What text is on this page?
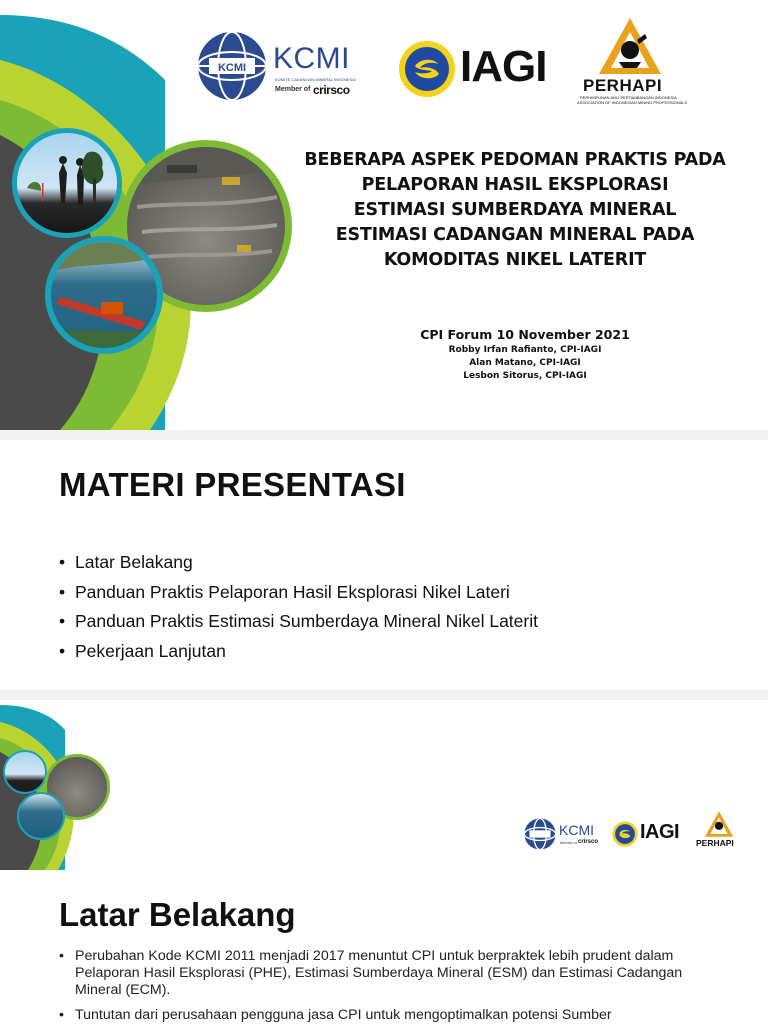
KCMI KCMI
KOMITE CADANGAN MINERAL INDONESIA
Member of crirsco	IAGI PERHAPI
PERHIMPUNAN AHLI PERTAMBANGAN INDONESIA
ASSOCIATION OF INDONESIAN MINING PROFESSIONALS
BEBERAPA ASPEK PEDOMAN PRAKTIS PADA
PELAPORAN HASIL EKSPLORASI
ESTIMASI SUMBERDAYA MINERAL
ESTIMASI CADANGAN MINERAL PADA
KOMODITAS NIKEL LATERIT
CPI Forum 10 November 2021
Robby Irfan Rafianto, CPI-IAGI
Alan Matano, CPI-IAGI
Lesbon Sitorus, CPI-IAGI
MATERI PRESENTASI
• Latar Belakang
• Panduan Praktis Pelaporan Hasil Eksplorasi Nikel Lateri
• Panduan Praktis Estimasi Sumberdaya Mineral Nikel Laterit
• Pekerjaan Lanjutan
KCMI
Member of crirsco IAGI PERHAPI
Latar Belakang
• Perubahan Kode KCMI 2011 menjadi 2017 menuntut CPI untuk berpraktek lebih prudent dalam Pelaporan Hasil Eksplorasi (PHE), Estimasi Sumberdaya Mineral (ESM) dan Estimasi Cadangan Mineral (ECM).
• Tuntutan dari perusahaan pengguna jasa CPI untuk mengoptimalkan potensi Sumber
